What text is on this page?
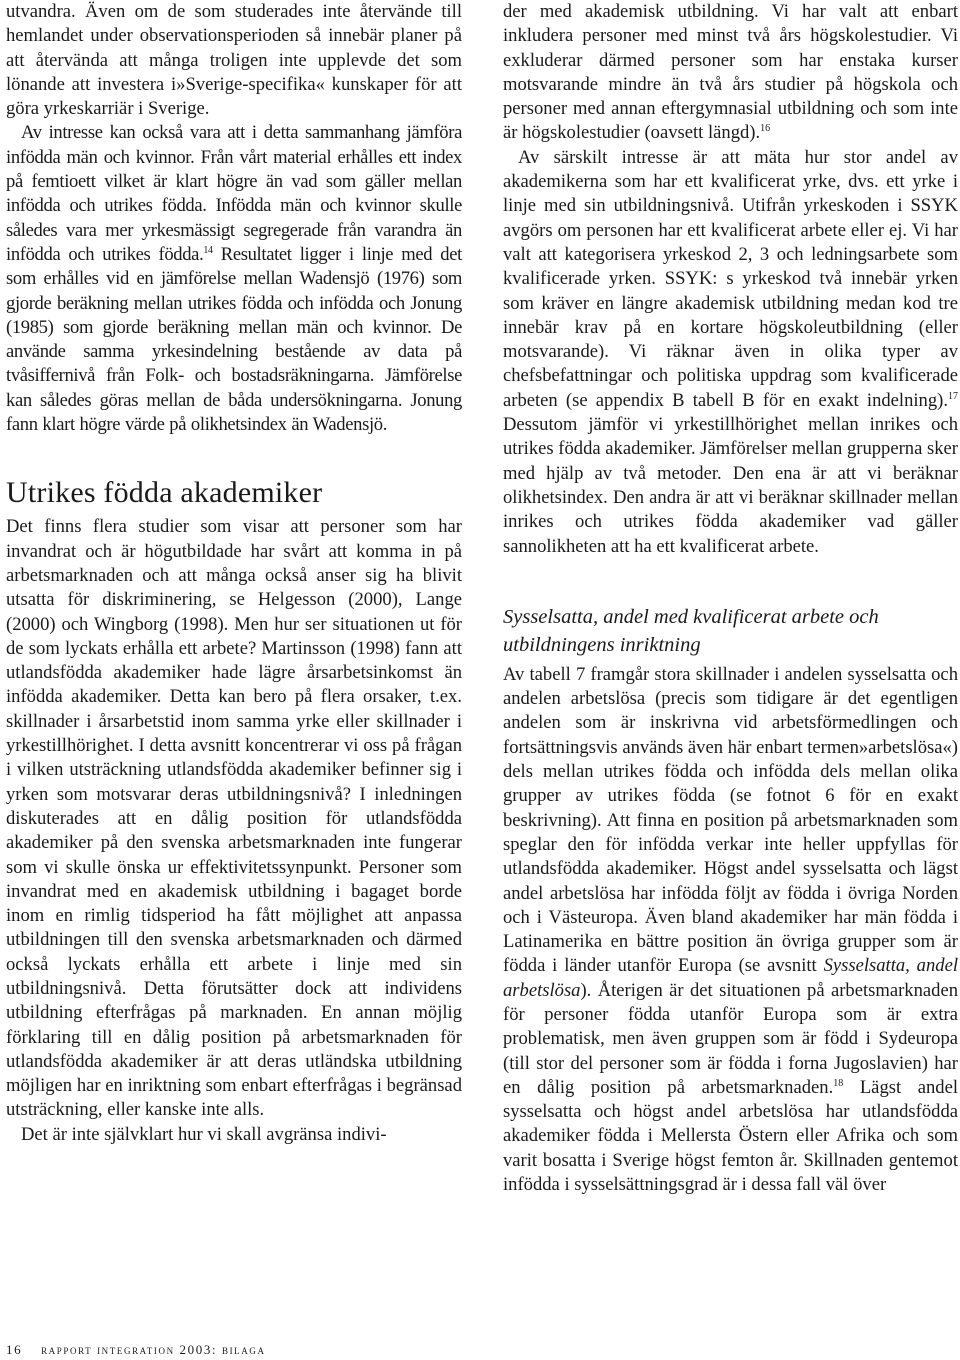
utvandra. Även om de som studerades inte återvände till hemlandet under observationsperioden så innebär planer på att återvända att många troligen inte upplevde det som lönande att investera i»Sverige-specifika« kunskaper för att göra yrkeskarriär i Sverige.

Av intresse kan också vara att i detta sammanhang jämföra infödda män och kvinnor. Från vårt material erhålles ett index på femtioett vilket är klart högre än vad som gäller mellan infödda och utrikes födda. Infödda män och kvinnor skulle således vara mer yrkesmässigt segregerade från varandra än infödda och utrikes födda.$^{14}$ Resultatet ligger i linje med det som erhålles vid en jämförelse mellan Wadensjö (1976) som gjorde beräkning mellan utrikes födda och infödda och Jonung (1985) som gjorde beräkning mellan män och kvinnor. De använde samma yrkesindelning bestående av data på tvåsiffernivå från Folk- och bostadsräkningarna. Jämförelse kan således göras mellan de båda undersökningarna. Jonung fann klart högre värde på olikhetsindex än Wadensjö.

Utrikes födda akademiker

Det finns flera studier som visar att personer som har invandrat och är högutbildade har svårt att komma in på arbetsmarknaden och att många också anser sig ha blivit utsatta för diskriminering, se Helgesson (2000), Lange (2000) och Wingborg (1998). Men hur ser situationen ut för de som lyckats erhålla ett arbete? Martinsson (1998) fann att utlandsfödda akademiker hade lägre årsarbetsinkomst än infödda akademiker. Detta kan bero på flera orsaker, t.ex. skillnader i årsarbetstid inom samma yrke eller skillnader i yrkestillhörighet. I detta avsnitt koncentrerar vi oss på frågan i vilken utsträckning utlandsfödda akademiker befinner sig i yrken som motsvarar deras utbildningsnivå? I inledningen diskuterades att en dålig position för utlandsfödda akademiker på den svenska arbetsmarknaden inte fungerar som vi skulle önska ur effektivitetssynpunkt. Personer som invandrat med en akademisk utbildning i bagaget borde inom en rimlig tidsperiod ha fått möjlighet att anpassa utbildningen till den svenska arbetsmarknaden och därmed också lyckats erhålla ett arbete i linje med sin utbildningsnivå. Detta förutsätter dock att individens utbildning efterfrågas på marknaden. En annan möjlig förklaring till en dålig position på arbetsmarknaden för utlandsfödda akademiker är att deras utländska utbildning möjligen har en inriktning som enbart efterfrågas i begränsad utsträckning, eller kanske inte alls.

Det är inte självklart hur vi skall avgränsa indivi-

der med akademisk utbildning. Vi har valt att enbart inkludera personer med minst två års högskolestudier. Vi exkluderar därmed personer som har enstaka kurser motsvarande mindre än två års studier på högskola och personer med annan eftergymnasial utbildning och som inte är högskolestudier (oavsett längd).$^{16}$

Av särskilt intresse är att mäta hur stor andel av akademikerna som har ett kvalificerat yrke, dvs. ett yrke i linje med sin utbildningsnivå. Utifrån yrkeskoden i SSYK avgörs om personen har ett kvalificerat arbete eller ej. Vi har valt att kategorisera yrkeskod 2, 3 och ledningsarbete som kvalificerade yrken. SSYK: s yrkeskod två innebär yrken som kräver en längre akademisk utbildning medan kod tre innebär krav på en kortare högskoleutbildning (eller motsvarande). Vi räknar även in olika typer av chefsbefattningar och politiska uppdrag som kvalificerade arbeten (se appendix B tabell B för en exakt indelning).$^{17}$ Dessutom jämför vi yrkestillhörighet mellan inrikes och utrikes födda akademiker. Jämförelser mellan grupperna sker med hjälp av två metoder. Den ena är att vi beräknar olikhetsindex. Den andra är att vi beräknar skillnader mellan inrikes och utrikes födda akademiker vad gäller sannolikheten att ha ett kvalificerat arbete.

Sysselsatta, andel med kvalificerat arbete och utbildningens inriktning

Av tabell 7 framgår stora skillnader i andelen sysselsatta och andelen arbetslösa (precis som tidigare är det egentligen andelen som är inskrivna vid arbetsförmedlingen och fortsättningsvis används även här enbart termen»arbetslösa«) dels mellan utrikes födda och infödda dels mellan olika grupper av utrikes födda (se fotnot 6 för en exakt beskrivning). Att finna en position på arbetsmarknaden som speglar den för infödda verkar inte heller uppfyllas för utlandsfödda akademiker. Högst andel sysselsatta och lägst andel arbetslösa har infödda följt av födda i övriga Norden och i Västeuropa. Även bland akademiker har män födda i Latinamerika en bättre position än övriga grupper som är födda i länder utanför Europa (se avsnitt Sysselsatta, andel arbetslösa). Återigen är det situationen på arbetsmarknaden för personer födda utanför Europa som är extra problematisk, men även gruppen som är född i Sydeuropa (till stor del personer som är födda i forna Jugoslavien) har en dålig position på arbetsmarknaden.$^{18}$ Lägst andel sysselsatta och högst andel arbetslösa har utlandsfödda akademiker födda i Mellersta Östern eller Afrika och som varit bosatta i Sverige högst femton år. Skillnaden gentemot infödda i sysselsättningsgrad är i dessa fall väl över

16 rapport integration 2003: bilaga
